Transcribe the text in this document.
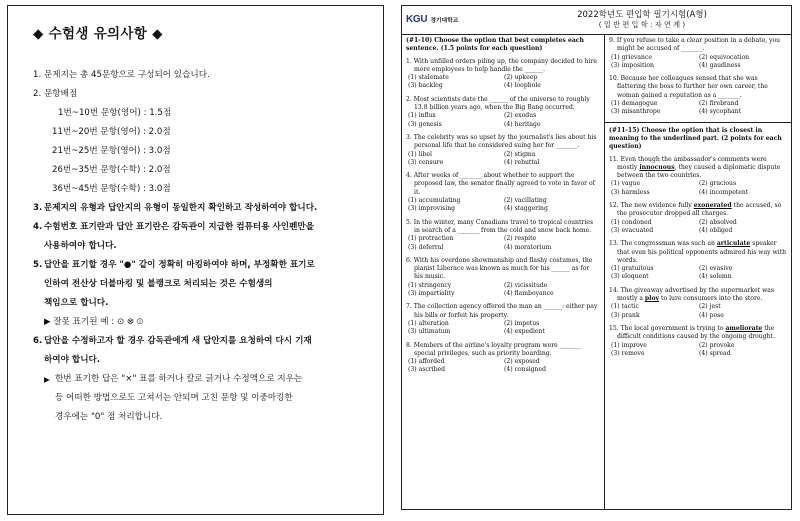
◆ 수험생 유의사항 ◆
1. 문제지는 총 45문항으로 구성되어 있습니다.
2. 문항배점
1번~10번 문항(영어) : 1.5점
11번~20번 문항(영어) : 2.0점
21번~25번 문항(영어) : 3.0점
26번~35번 문항(수학) : 2.0점
36번~45번 문항(수학) : 3.0점
3. 문제지의 유형과 답안지의 유형이 동일한지 확인하고 작성하여야 합니다.
4. 수험번호 표기란과 답안 표기란은 감독관이 지급한 컴퓨터용 사인펜만을
사용하여야 합니다.
5. 답안을 표기할 경우 "●" 같이 정확히 마킹하여야 하며, 부정확한 표기로
인하여 전산상 더블마킹 및 블랭크로 처리되는 것은 수험생의
책임으로 합니다.
▶ 잘못 표기된 예 : ⊙ ⊗ ⦶
6. 답안을 수정하고자 할 경우 감독관에게 새 답안지를 요청하여 다시 기재
하여야 합니다.
▶ 한번 표기한 답은 "×" 표를 하거나 칼로 긁거나 수정액으로 지우는
등 어떠한 방법으로도 고쳐서는 안되며 고친 문항 및 이중마킹한
경우에는 "0" 점 처리합니다.
KGU 경기대학교
2022학년도 편입학 필기시험(A형)
( 일 반 편 입 학 : 자 연 계 )
(#1-10) Choose the option that best completes each sentence. (1.5 points for each question)
1. With unfilled orders piling up, the company decided to hire more employees to help handle the ______.
(1) stalemate	(2) upkeep
(3) backlog	(4) loophole
2. Most scientists date the ______ of the universe to roughly 13.8 billion years ago, when the Big Bang occurred.
(1) influx	(2) exodus
(3) genesis	(4) heritage
3. The celebrity was so upset by the journalist's lies about his personal life that he considered suing her for _______.
(1) libel	(2) stigma
(3) censure	(4) rebuttal
4. After weeks of _______ about whether to support the proposed law, the senator finally agreed to vote in favor of it.
(1) accumulating	(2) vacillating
(3) improvising	(4) staggering
5. In the winter, many Canadians travel to tropical countries in search of a _______ from the cold and snow back home.
(1) protraction	(2) respite
(3) deferral	(4) moratorium
6. With his overdone showmanship and flashy costumes, the pianist Liberace was known as much for his ______ as for his music.
(1) stringency	(2) vicissitude
(3) impartiality	(4) flamboyance
7. The collection agency offered the man an ______: either pay his bills or forfeit his property.
(1) alteration	(2) impetus
(3) ultimatum	(4) expedient
8. Members of the airline's loyalty program were _______ special privileges, such as priority boarding.
(1) afforded	(2) exposed
(3) ascribed	(4) consigned
9. If you refuse to take a clear position in a debate, you might be accused of _______.
(1) grievance	(2) equivocation
(3) imposition	(4) gaudiness
10. Because her colleagues sensed that she was flattering the boss to further her own career, the woman gained a reputation as a _______.
(1) demagogue	(2) firebrand
(3) misanthrope	(4) sycophant
(#11-15) Choose the option that is closest in meaning to the underlined part. (2 points for each question)
11. Even though the ambassador's comments were mostly innocuous, they caused a diplomatic dispute between the two countries.
(1) vague	(2) gracious
(3) harmless	(4) incompetent
12. The new evidence fully exonerated the accused, so the prosecutor dropped all charges.
(1) condoned	(2) absolved
(3) evacuated	(4) obliged
13. The congressman was such an articulate speaker that even his political opponents admired his way with words.
(1) gratuitous	(2) evasive
(3) eloquent	(4) solemn
14. The giveaway advertised by the supermarket was mostly a ploy to lure consumers into the store.
(1) tactic	(2) jest
(3) prank	(4) pose
15. The local government is trying to ameliorate the difficult conditions caused by the ongoing drought.
(1) improve	(2) provoke
(3) remove	(4) spread
